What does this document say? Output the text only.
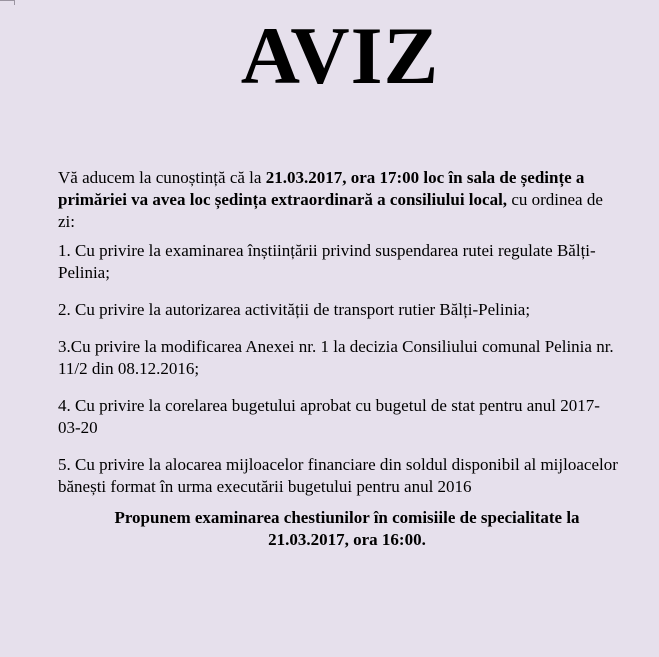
AVIZ

Vă aducem la cunoștință că la 21.03.2017, ora 17:00 loc în sala de ședințe a primăriei va avea loc ședința extraordinară a consiliului local, cu ordinea de zi:

1. Cu privire la examinarea înștiințării privind suspendarea rutei regulate Bălți-Pelinia;

2. Cu privire la autorizarea activității de transport rutier Bălți-Pelinia;

3.Cu privire la modificarea Anexei nr. 1 la decizia Consiliului comunal Pelinia nr. 11/2 din 08.12.2016;

4. Cu privire la corelarea bugetului aprobat cu bugetul de stat pentru anul 2017-03-20

5. Cu privire la alocarea mijloacelor financiare din soldul disponibil al mijloacelor bănești format în urma executării bugetului pentru anul 2016

Propunem examinarea chestiunilor în comisiile de specialitate la 21.03.2017, ora 16:00.
